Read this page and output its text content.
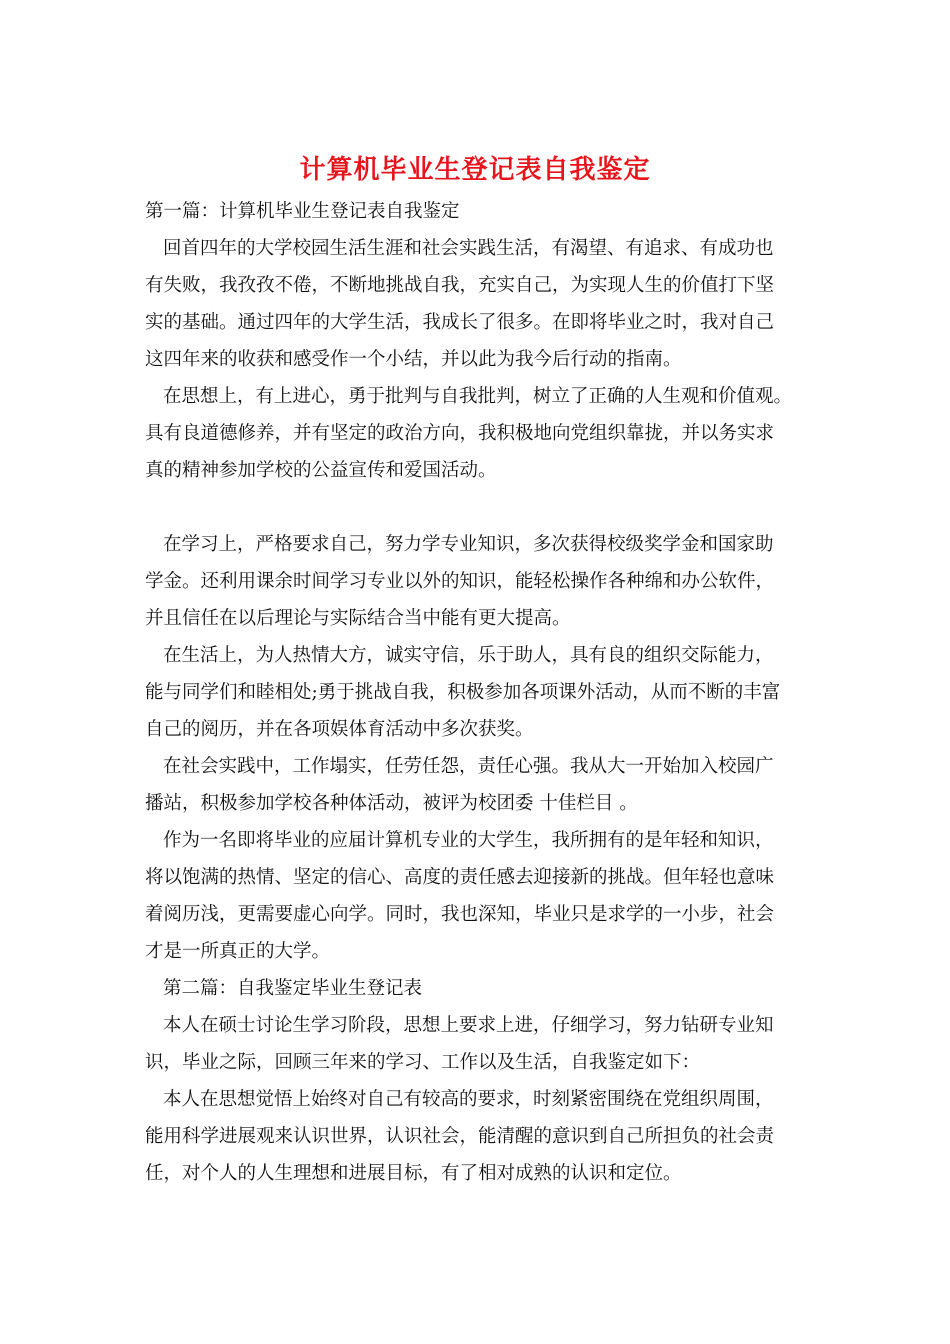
计算机毕业生登记表自我鉴定
第一篇：计算机毕业生登记表自我鉴定
回首四年的大学校园生活生涯和社会实践生活，有渴望、有追求、有成功也
有失败，我孜孜不倦，不断地挑战自我，充实自己，为实现人生的价值打下坚
实的基础。通过四年的大学生活，我成长了很多。在即将毕业之时，我对自己
这四年来的收获和感受作一个小结，并以此为我今后行动的指南。
在思想上，有上进心，勇于批判与自我批判，树立了正确的人生观和价值观。
具有良道德修养，并有坚定的政治方向，我积极地向党组织靠拢，并以务实求
真的精神参加学校的公益宣传和爱国活动。
在学习上，严格要求自己，努力学专业知识，多次获得校级奖学金和国家助
学金。还利用课余时间学习专业以外的知识，能轻松操作各种绵和办公软件，
并且信任在以后理论与实际结合当中能有更大提高。
在生活上，为人热情大方，诚实守信，乐于助人，具有良的组织交际能力，
能与同学们和睦相处;勇于挑战自我，积极参加各项课外活动，从而不断的丰富
自己的阅历，并在各项娱体育活动中多次获奖。
在社会实践中，工作塌实，任劳任怨，责任心强。我从大一开始加入校园广
播站，积极参加学校各种体活动，被评为校团委 十佳栏目 。
作为一名即将毕业的应届计算机专业的大学生，我所拥有的是年轻和知识，
将以饱满的热情、坚定的信心、高度的责任感去迎接新的挑战。但年轻也意味
着阅历浅，更需要虚心向学。同时，我也深知，毕业只是求学的一小步，社会
才是一所真正的大学。
第二篇：自我鉴定毕业生登记表
本人在硕士讨论生学习阶段，思想上要求上进，仔细学习，努力钻研专业知
识，毕业之际，回顾三年来的学习、工作以及生活，自我鉴定如下：
本人在思想觉悟上始终对自己有较高的要求，时刻紧密围绕在党组织周围，
能用科学进展观来认识世界，认识社会，能清醒的意识到自己所担负的社会责
任，对个人的人生理想和进展目标，有了相对成熟的认识和定位。
